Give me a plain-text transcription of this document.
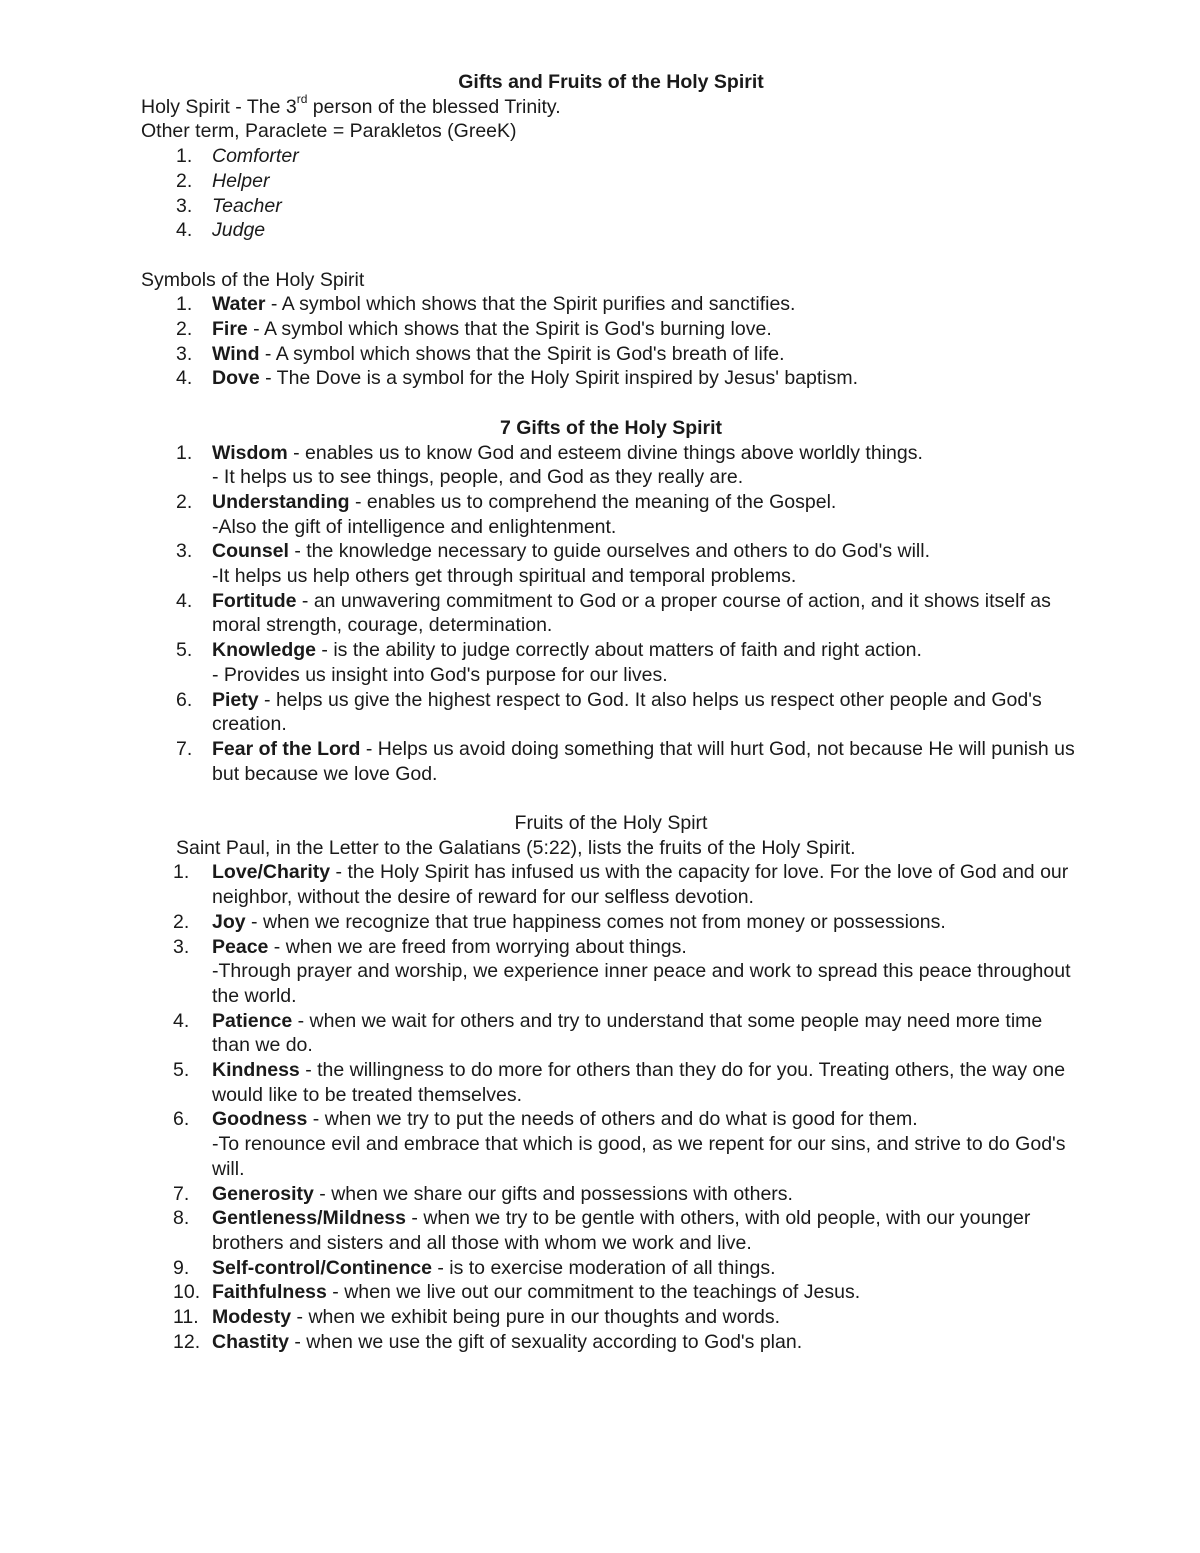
Gifts and Fruits of the Holy Spirit
Holy Spirit - The 3rd person of the blessed Trinity.
Other term, Paraclete = Parakletos (GreeK)
1. Comforter
2. Helper
3. Teacher
4. Judge
Symbols of the Holy Spirit
1. Water - A symbol which shows that the Spirit purifies and sanctifies.
2. Fire - A symbol which shows that the Spirit is God's burning love.
3. Wind - A symbol which shows that the Spirit is God's breath of life.
4. Dove - The Dove is a symbol for the Holy Spirit inspired by Jesus' baptism.
7 Gifts of the Holy Spirit
1. Wisdom - enables us to know God and esteem divine things above worldly things.
- It helps us to see things, people, and God as they really are.
2. Understanding - enables us to comprehend the meaning of the Gospel.
-Also the gift of intelligence and enlightenment.
3. Counsel - the knowledge necessary to guide ourselves and others to do God's will.
-It helps us help others get through spiritual and temporal problems.
4. Fortitude - an unwavering commitment to God or a proper course of action, and it shows itself as moral strength, courage, determination.
5. Knowledge - is the ability to judge correctly about matters of faith and right action.
- Provides us insight into God's purpose for our lives.
6. Piety - helps us give the highest respect to God. It also helps us respect other people and God's creation.
7. Fear of the Lord - Helps us avoid doing something that will hurt God, not because He will punish us but because we love God.
Fruits of the Holy Spirt
Saint Paul, in the Letter to the Galatians (5:22), lists the fruits of the Holy Spirit.
1. Love/Charity - the Holy Spirit has infused us with the capacity for love. For the love of God and our neighbor, without the desire of reward for our selfless devotion.
2. Joy - when we recognize that true happiness comes not from money or possessions.
3. Peace - when we are freed from worrying about things.
-Through prayer and worship, we experience inner peace and work to spread this peace throughout the world.
4. Patience - when we wait for others and try to understand that some people may need more time than we do.
5. Kindness - the willingness to do more for others than they do for you. Treating others, the way one would like to be treated themselves.
6. Goodness - when we try to put the needs of others and do what is good for them.
-To renounce evil and embrace that which is good, as we repent for our sins, and strive to do God's will.
7. Generosity - when we share our gifts and possessions with others.
8. Gentleness/Mildness - when we try to be gentle with others, with old people, with our younger brothers and sisters and all those with whom we work and live.
9. Self-control/Continence - is to exercise moderation of all things.
10. Faithfulness - when we live out our commitment to the teachings of Jesus.
11. Modesty - when we exhibit being pure in our thoughts and words.
12. Chastity - when we use the gift of sexuality according to God's plan.
